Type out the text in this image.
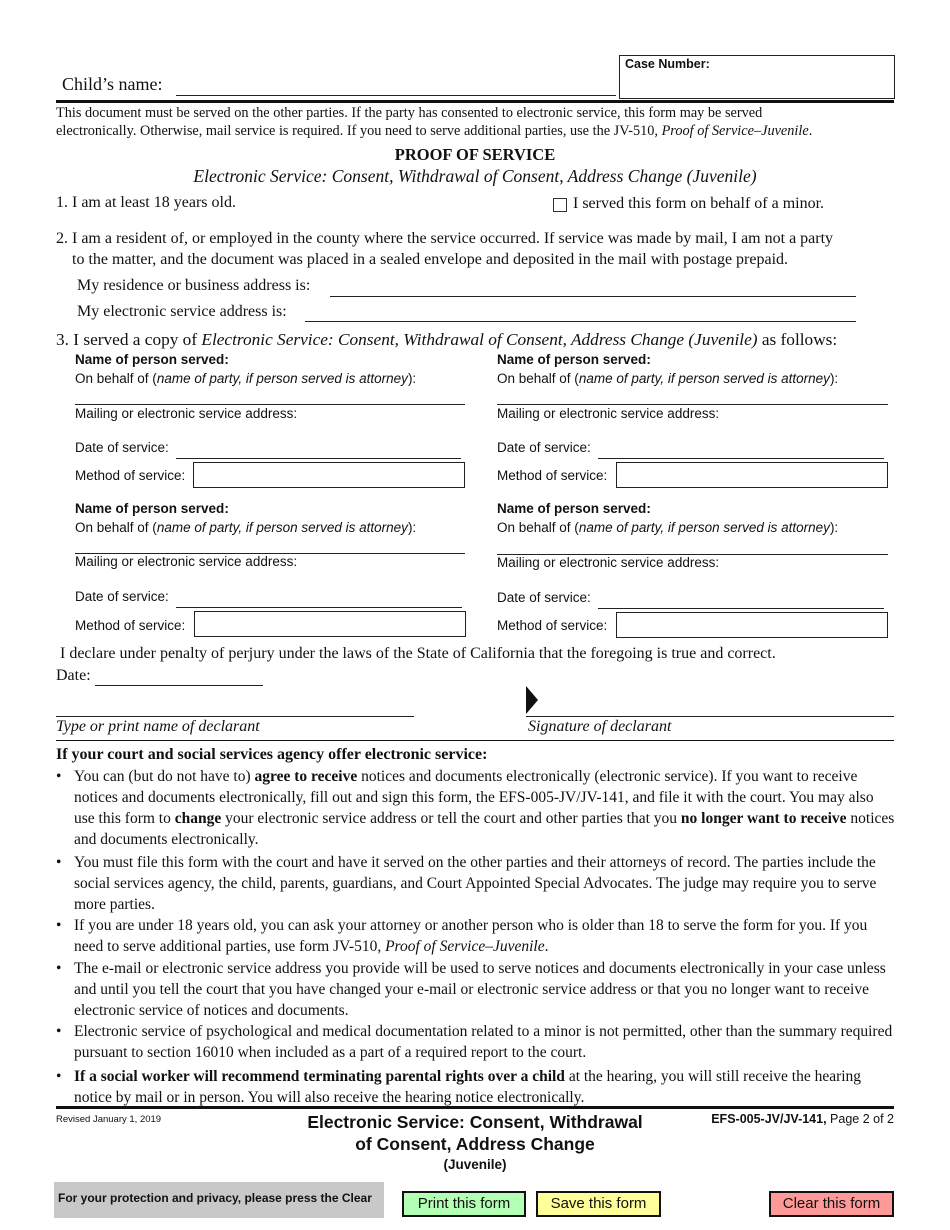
Child’s name:
Case Number:
This document must be served on the other parties. If the party has consented to electronic service, this form may be served
electronically. Otherwise, mail service is required. If you need to serve additional parties, use the JV-510, Proof of Service–Juvenile.
PROOF OF SERVICE
Electronic Service: Consent, Withdrawal of Consent, Address Change (Juvenile)
1. I am at least 18 years old.	I served this form on behalf of a minor.
2. I am a resident of, or employed in the county where the service occurred. If service was made by mail, I am not a party
to the matter, and the document was placed in a sealed envelope and deposited in the mail with postage prepaid.
My residence or business address is:
My electronic service address is:
3. I served a copy of Electronic Service: Consent, Withdrawal of Consent, Address Change (Juvenile) as follows:
Name of person served:
On behalf of (name of party, if person served is attorney):
Mailing or electronic service address:
Date of service:
Method of service:
Name of person served:
On behalf of (name of party, if person served is attorney):
Mailing or electronic service address:
Date of service:
Method of service:
Name of person served:
On behalf of (name of party, if person served is attorney):
Mailing or electronic service address:
Date of service:
Method of service:
Name of person served:
On behalf of (name of party, if person served is attorney):
Mailing or electronic service address:
Date of service:
Method of service:
I declare under penalty of perjury under the laws of the State of California that the foregoing is true and correct.
Date:
Type or print name of declarant	Signature of declarant
If your court and social services agency offer electronic service:
• You can (but do not have to) agree to receive notices and documents electronically (electronic service). If you want to receive notices and documents electronically, fill out and sign this form, the EFS-005-JV/JV-141, and file it with the court. You may also use this form to change your electronic service address or tell the court and other parties that you no longer want to receive notices and documents electronically.
• You must file this form with the court and have it served on the other parties and their attorneys of record. The parties include the social services agency, the child, parents, guardians, and Court Appointed Special Advocates. The judge may require you to serve more parties.
• If you are under 18 years old, you can ask your attorney or another person who is older than 18 to serve the form for you. If you need to serve additional parties, use form JV-510, Proof of Service–Juvenile.
• The e-mail or electronic service address you provide will be used to serve notices and documents electronically in your case unless and until you tell the court that you have changed your e-mail or electronic service address or that you no longer want to receive electronic service of notices and documents.
• Electronic service of psychological and medical documentation related to a minor is not permitted, other than the summary required pursuant to section 16010 when included as a part of a required report to the court.
• If a social worker will recommend terminating parental rights over a child at the hearing, you will still receive the hearing notice by mail or in person. You will also receive the hearing notice electronically.
Revised January 1, 2019	Electronic Service: Consent, Withdrawal
of Consent, Address Change
(Juvenile)
EFS-005-JV/JV-141, Page 2 of 2
For your protection and privacy, please press the Clear	Print this form	Save this form	Clear this form
